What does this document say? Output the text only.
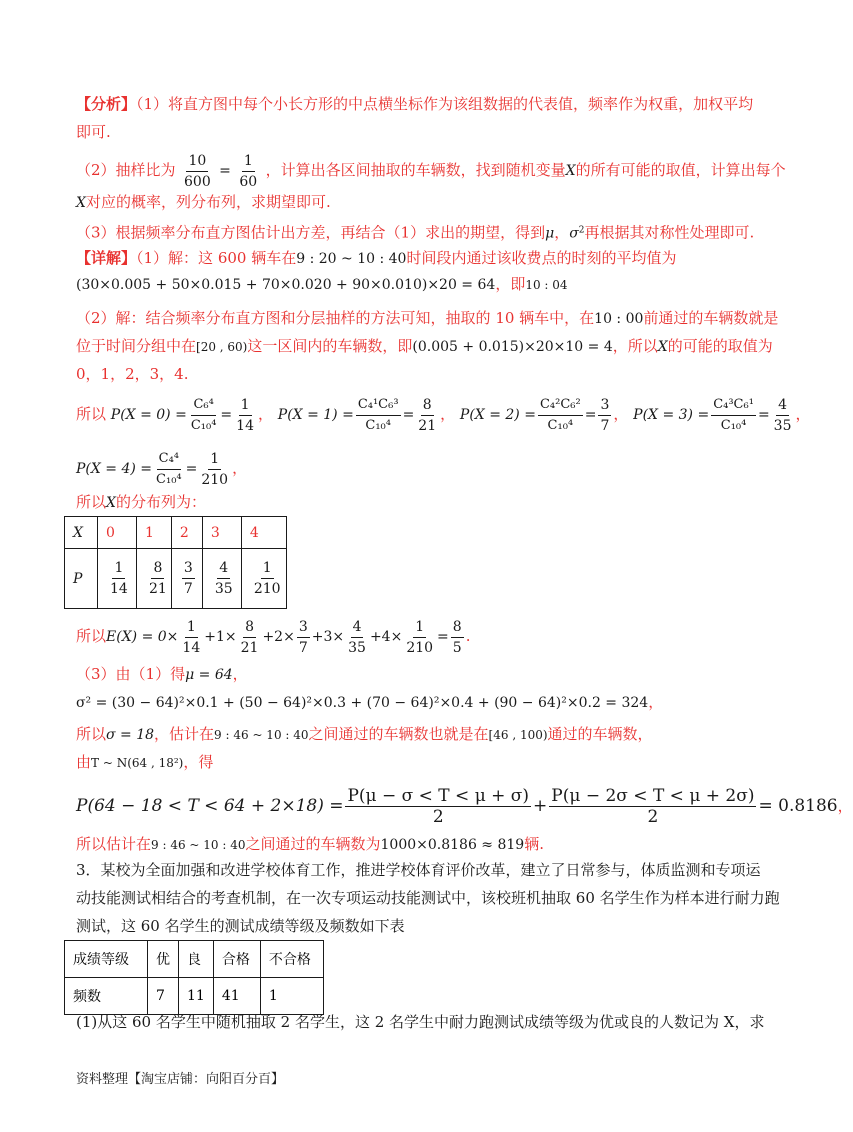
【分析】（1）将直方图中每个小长方形的中点横坐标作为该组数据的代表值，频率作为权重，加权平均
即可.
（2）抽样比为 $\frac{10}{600} = \frac{1}{60}$ ，计算出各区间抽取的车辆数，找到随机变量X的所有可能的取值，计算出每个
X对应的概率，列分布列，求期望即可.
（3）根据频率分布直方图估计出方差，再结合（1）求出的期望，得到μ，$\sigma^2$再根据其对称性处理即可.
【详解】（1）解：这 600 辆车在9 : 20 ~ 10 : 40时间段内通过该收费点的时刻的平均值为
(30×0.005 + 50×0.015 + 70×0.020 + 90×0.010)×20 = 64，即10 : 04
（2）解：结合频率分布直方图和分层抽样的方法可知，抽取的 10 辆车中，在10 : 00前通过的车辆数就是
位于时间分组中在[20 , 60)这一区间内的车辆数，即(0.005 + 0.015)×20×10 = 4，所以X的可能的取值为
0，1，2，3，4.
所以 $P(X = 0) = \frac{\text{C₆⁴}}{\text{C₁₀⁴}} = \frac{1}{14}$ ， $P(X = 1) = \frac{\text{C₄¹C₆³}}{\text{C₁₀⁴}} = \frac{8}{21}$ ， $P(X = 2) = \frac{\text{C₄²C₆²}}{\text{C₁₀⁴}} = \frac{3}{7}$ ， $P(X = 3) = \frac{\text{C₄³C₆¹}}{\text{C₁₀⁴}} = \frac{4}{35}$ ，
$P(X = 4) = \frac{\text{C₄⁴}}{\text{C₁₀⁴}} = \frac{1}{210}$ ，
所以X的分布列为：
X	0	1	2	3	4

P	$\frac{1}{14}$	$\frac{8}{21}$	$\frac{3}{7}$	$\frac{4}{35}$	$\frac{1}{210}$
所以$E(X) = 0\times \frac{1}{14} +1\times \frac{8}{21} +2\times \frac{3}{7} +3\times \frac{4}{35} +4\times \frac{1}{210} = \frac{8}{5}$ .
（3）由（1）得μ = 64，
σ² = (30 − 64)²×0.1 + (50 − 64)²×0.3 + (70 − 64)²×0.4 + (90 − 64)²×0.2 = 324，
所以σ = 18，估计在9 : 46 ~ 10 : 40之间通过的车辆数也就是在[46 , 100)通过的车辆数，
由T ~ N(64 , 18²)，得
$P(64 - 18 < T < 64 + 2\times 18) = \frac{P(\mu - \sigma < T < \mu + \sigma)}{2} + \frac{P(\mu - 2\sigma < T < \mu + 2\sigma)}{2} = 0.8186$，
所以估计在9 : 46 ~ 10 : 40之间通过的车辆数为1000×0.8186 ≈ 819辆.
3．某校为全面加强和改进学校体育工作，推进学校体育评价改革，建立了日常参与，体质监测和专项运
动技能测试相结合的考查机制，在一次专项运动技能测试中，该校班机抽取 60 名学生作为样本进行耐力跑
测试，这 60 名学生的测试成绩等级及频数如下表
成绩等级	优	良	合格	不合格
频数	7	11	41	1
(1)从这 60 名学生中随机抽取 2 名学生，这 2 名学生中耐力跑测试成绩等级为优或良的人数记为 X，求
资料整理【淘宝店铺：向阳百分百】
